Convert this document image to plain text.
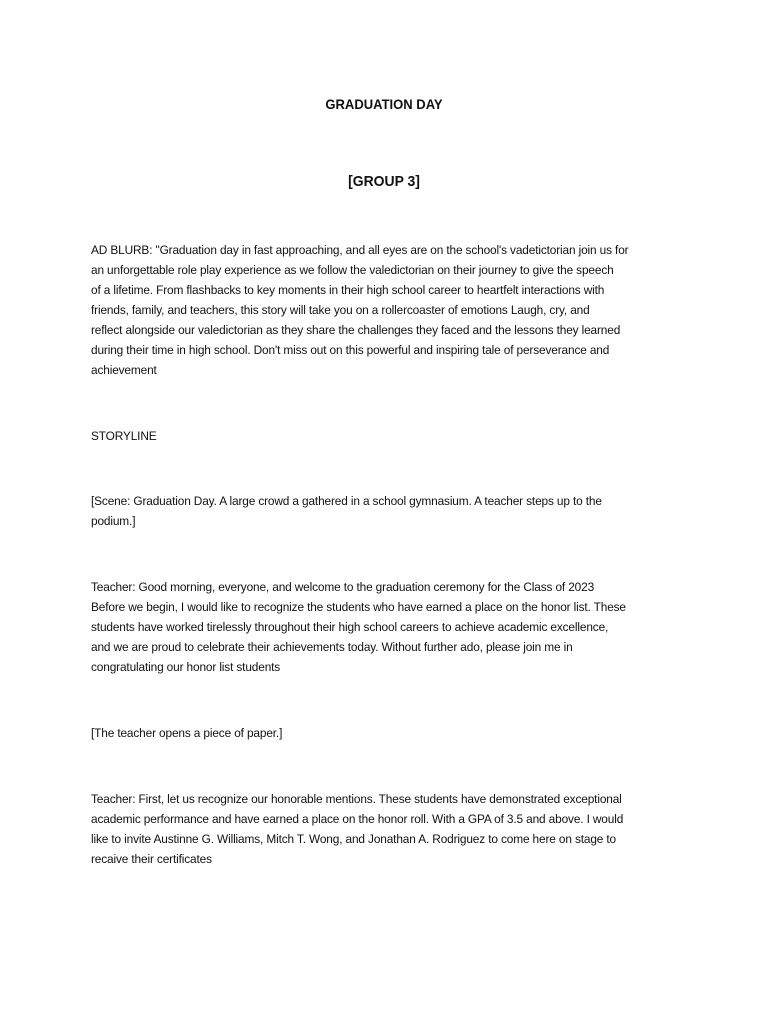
GRADUATION DAY
[GROUP 3]
AD BLURB: "Graduation day in fast approaching, and all eyes are on the school's vadetictorian join us for
an unforgettable role play experience as we follow the valedictorian on their journey to give the speech
of a lifetime. From flashbacks to key moments in their high school career to heartfelt interactions with
friends, family, and teachers, this story will take you on a rollercoaster of emotions Laugh, cry, and
reflect alongside our valedictorian as they share the challenges they faced and the lessons they learned
during their time in high school. Don't miss out on this powerful and inspiring tale of perseverance and
achievement
STORYLINE
[Scene: Graduation Day. A large crowd a gathered in a school gymnasium. A teacher steps up to the
podium.]
Teacher: Good morning, everyone, and welcome to the graduation ceremony for the Class of 2023
Before we begin, I would like to recognize the students who have earned a place on the honor list. These
students have worked tirelessly throughout their high school careers to achieve academic excellence,
and we are proud to celebrate their achievements today. Without further ado, please join me in
congratulating our honor list students
[The teacher opens a piece of paper.]
Teacher: First, let us recognize our honorable mentions. These students have demonstrated exceptional
academic performance and have earned a place on the honor roll. With a GPA of 3.5 and above. I would
like to invite Austinne G. Williams, Mitch T. Wong, and Jonathan A. Rodriguez to come here on stage to
recaive their certificates
